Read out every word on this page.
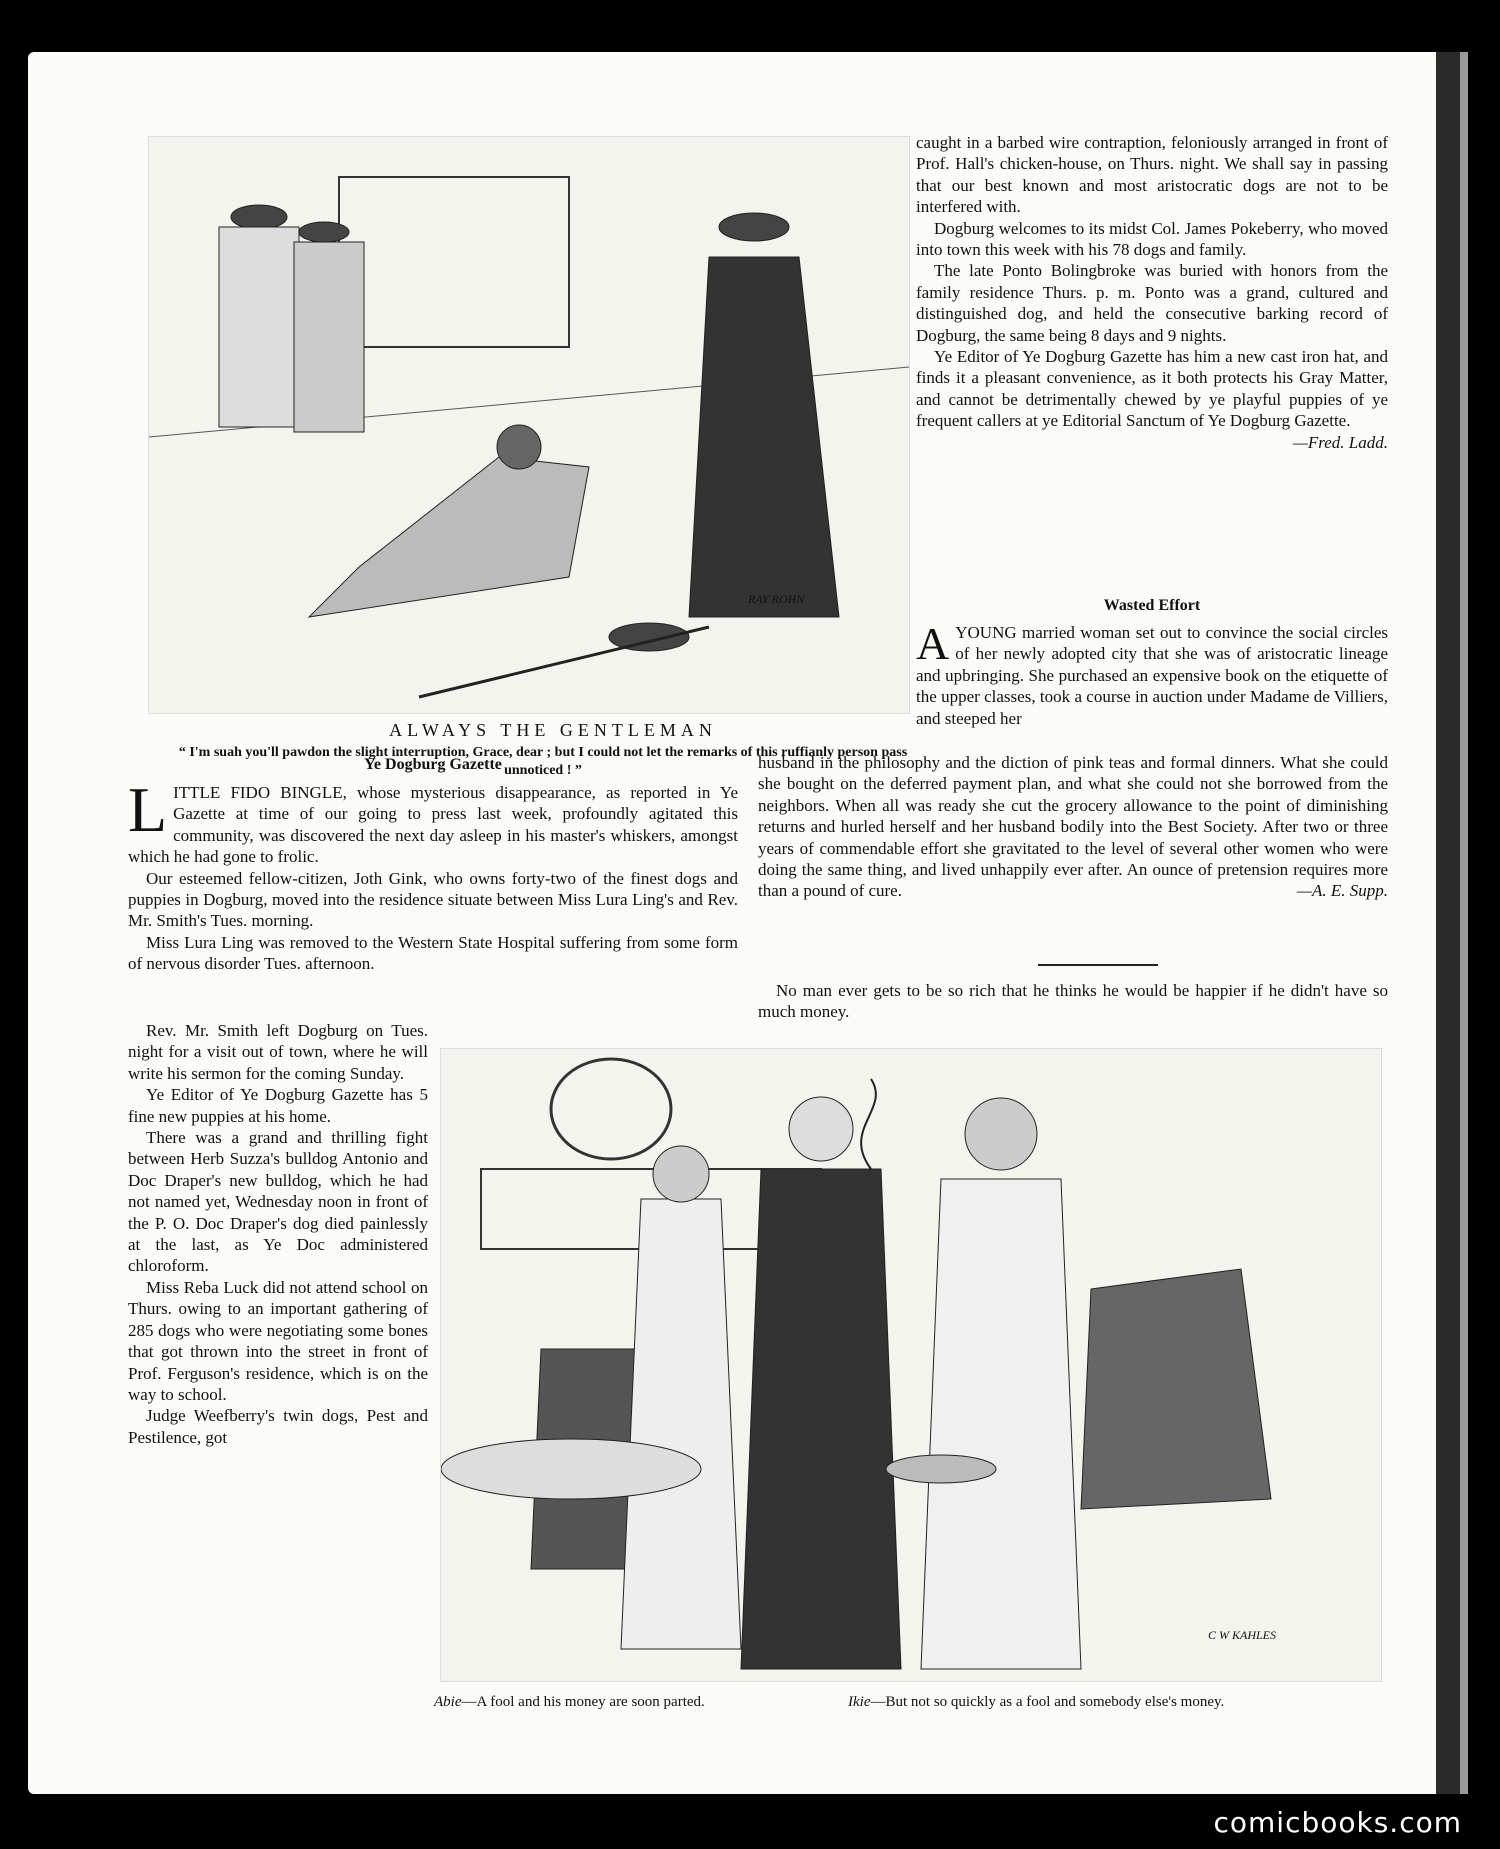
RAY ROHN
ALWAYS THE GENTLEMAN
“ I'm suah you'll pawdon the slight interruption, Grace, dear ; but I could not let the remarks of this ruffianly person pass unnoticed ! ”

caught in a barbed wire contraption, feloniously arranged in front of Prof. Hall's chicken-house, on Thurs. night. We shall say in passing that our best known and most aristocratic dogs are not to be interfered with.

Dogburg welcomes to its midst Col. James Pokeberry, who moved into town this week with his 78 dogs and family.

The late Ponto Bolingbroke was buried with honors from the family residence Thurs. p. m. Ponto was a grand, cultured and distinguished dog, and held the consecutive barking record of Dogburg, the same being 8 days and 9 nights.

Ye Editor of Ye Dogburg Gazette has him a new cast iron hat, and finds it a pleasant convenience, as it both protects his Gray Matter, and cannot be detrimentally chewed by ye playful puppies of ye frequent callers at ye Editorial Sanctum of Ye Dogburg Gazette.
—Fred. Ladd.

Wasted Effort

AYOUNG married woman set out to convince the social circles of her newly adopted city that she was of aristocratic lineage and upbringing. She purchased an expensive book on the etiquette of the upper classes, took a course in auction under Madame de Villiers, and steeped her

husband in the philosophy and the diction of pink teas and formal dinners. What she could she bought on the deferred payment plan, and what she could not she borrowed from the neighbors. When all was ready she cut the grocery allowance to the point of diminishing returns and hurled herself and her husband bodily into the Best Society. After two or three years of commendable effort she gravitated to the level of several other women who were doing the same thing, and lived unhappily ever after. An ounce of pretension requires more than a pound of cure.	—A. E. Supp.

No man ever gets to be so rich that he thinks he would be happier if he didn't have so much money.

Ye Dogburg Gazette

LITTLE FIDO BINGLE, whose mysterious disappearance, as reported in Ye Gazette at time of our going to press last week, profoundly agitated this community, was discovered the next day asleep in his master's whiskers, amongst which he had gone to frolic.

Our esteemed fellow-citizen, Joth Gink, who owns forty-two of the finest dogs and puppies in Dogburg, moved into the residence situate between Miss Lura Ling's and Rev. Mr. Smith's Tues. morning.

Miss Lura Ling was removed to the Western State Hospital suffering from some form of nervous disorder Tues. afternoon.

Rev. Mr. Smith left Dogburg on Tues. night for a visit out of town, where he will write his sermon for the coming Sunday.

Ye Editor of Ye Dogburg Gazette has 5 fine new puppies at his home.

There was a grand and thrilling fight between Herb Suzza's bulldog Antonio and Doc Draper's new bulldog, which he had not named yet, Wednesday noon in front of the P. O. Doc Draper's dog died painlessly at the last, as Ye Doc administered chloroform.

Miss Reba Luck did not attend school on Thurs. owing to an important gathering of 285 dogs who were negotiating some bones that got thrown into the street in front of Prof. Ferguson's residence, which is on the way to school.

Judge Weefberry's twin dogs, Pest and Pestilence, got

C W KAHLES

Abie—A fool and his money are soon parted.	Ikie—But not so quickly as a fool and somebody else's money.

comicbooks.com
